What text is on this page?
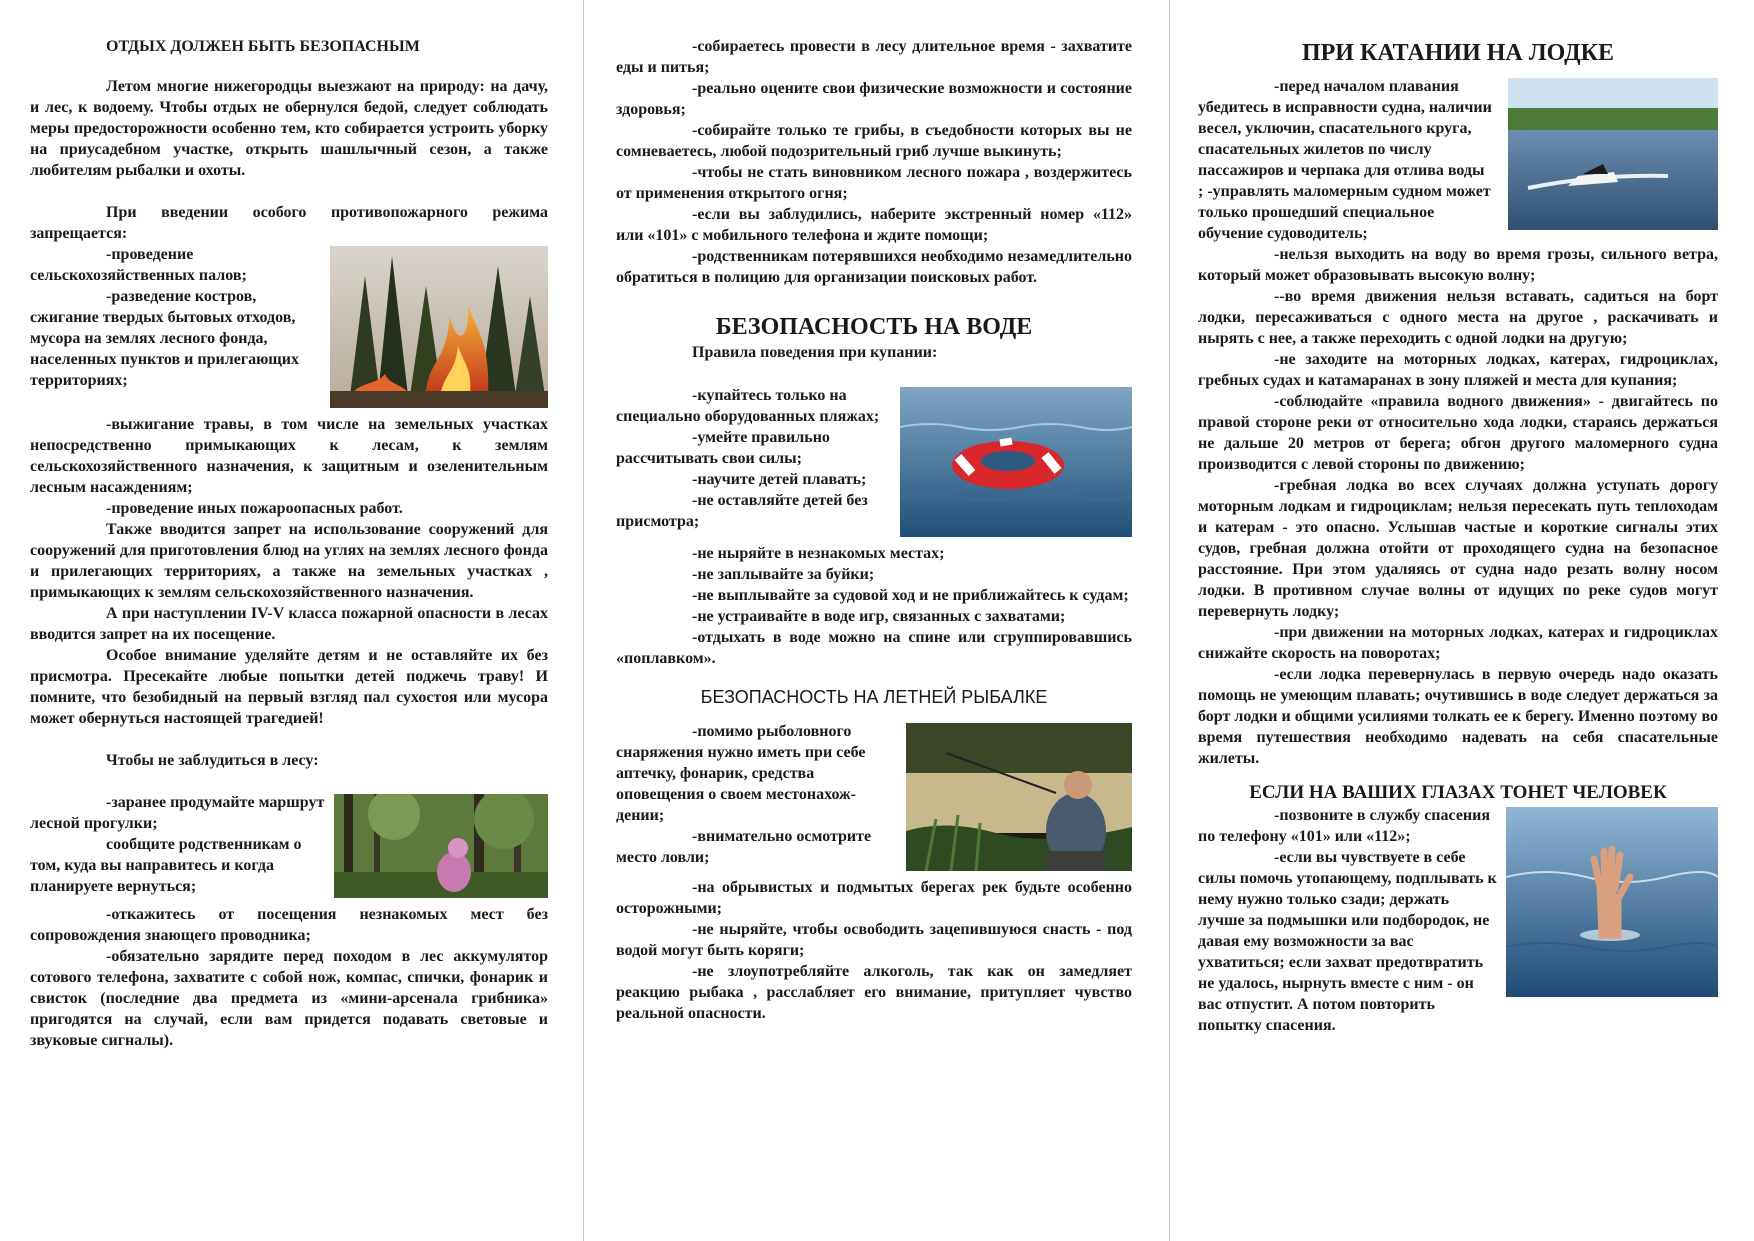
ОТДЫХ ДОЛЖЕН БЫТЬ БЕЗОПАСНЫМ

Летом многие нижегородцы выезжают на природу: на дачу, и лес, к водоему. Чтобы отдых не обернулся бедой, следует соблюдать меры предосторожности особенно тем, кто собирается устроить уборку на приусадебном участке, открыть шашлычный сезон, а также любителям рыбалки и охоты.

При введении особого противопожарного режима запрещается:

-проведение сельскохозяйственных палов;

-разведение костров, сжигание твердых бытовых отходов, мусора на землях лесного фонда, населенных пунктов и прилегающих территориях;

-выжигание травы, в том числе на земельных участках непосредственно примыкающих к лесам, к землям сельскохозяйственного назначения, к защитным и озеленительным лесным насаждениям;

-проведение иных пожароопасных работ.

Также вводится запрет на использование сооружений для сооружений для приготовления блюд на углях на землях лесного фонда и прилегающих территориях, а также на земельных участках , примыкающих к землям сельскохозяйственного назначения.

А при наступлении IV-V класса пожарной опасности в лесах вводится запрет на их посещение.

Особое внимание уделяйте детям и не оставляйте их без присмотра. Пресекайте любые попытки детей поджечь траву! И помните, что безобидный на первый взгляд пал сухостоя или мусора может обернуться настоящей трагедией!

Чтобы не заблудиться в лесу:

-заранее продумайте маршрут лесной прогулки;

сообщите родственникам о том, куда вы направитесь и когда планируете вернуться;

-откажитесь от посещения незнакомых мест без сопровождения знающего проводника;

-обязательно зарядите перед походом в лес аккумулятор сотового телефона, захватите с собой нож, компас, спички, фонарик и свисток (последние два предмета из «мини-арсенала грибника» пригодятся на случай, если вам придется подавать световые и звуковые сигналы).

-собираетесь провести в лесу длительное время - захватите еды и питья;

-реально оцените свои физические возможности и состояние здоровья;

-собирайте только те грибы, в съедобности которых вы не сомневаетесь, любой подозрительный гриб лучше выкинуть;

-чтобы не стать виновником лесного пожара , воздержитесь от применения открытого огня;

-если вы заблудились, наберите экстренный номер «112» или «101» с мобильного телефона и ждите помощи;

-родственникам потерявшихся необходимо незамедлительно обратиться в полицию для организации поисковых работ.

БЕЗОПАСНОСТЬ НА ВОДЕ

Правила поведения при купании:

-купайтесь только на специально оборудованных пляжах;

-умейте правильно рассчитывать свои силы;

-научите детей плавать;

-не оставляйте детей без присмотра;

-не ныряйте в незнакомых местах;

-не заплывайте за буйки;

-не выплывайте за судовой ход и не приближайтесь к судам;

-не устраивайте в воде игр, связанных с захватами;

-отдыхать в воде можно на спине или сгруппировавшись «поплавком».

БЕЗОПАСНОСТЬ НА ЛЕТНЕЙ РЫБАЛКЕ

-помимо рыболовного снаряжения нужно иметь при себе аптечку, фонарик, средства оповещения о своем местонахож-дении;

-внимательно осмотрите место ловли;

-на обрывистых и подмытых берегах рек будьте особенно осторожными;

-не ныряйте, чтобы освободить зацепившуюся снасть - под водой могут быть коряги;

-не злоупотребляйте алкоголь, так как он замедляет реакцию рыбака , расслабляет его внимание, притупляет чувство реальной опасности.

ПРИ КАТАНИИ НА ЛОДКЕ

-перед началом плавания убедитесь в исправности судна, наличии весел, уключин, спасательного круга, спасательных жилетов по числу пассажиров и черпака для отлива воды

; -управлять маломерным судном может только прошедший специальное обучение судоводитель;

-нельзя выходить на воду во время грозы, сильного ветра, который может образовывать высокую волну;

--во время движения нельзя вставать, садиться на борт лодки, пересаживаться с одного места на другое , раскачивать и нырять с нее, а также переходить с одной лодки на другую;

-не заходите на моторных лодках, катерах, гидроциклах, гребных судах и катамаранах в зону пляжей и места для купания;

-соблюдайте «правила водного движения» - двигайтесь по правой стороне реки от относительно хода лодки, стараясь держаться не дальше 20 метров от берега; обгон другого маломерного судна производится с левой стороны по движению;

-гребная лодка во всех случаях должна уступать дорогу моторным лодкам и гидроциклам; нельзя пересекать путь теплоходам и катерам - это опасно. Услышав частые и короткие сигналы этих судов, гребная должна отойти от проходящего судна на безопасное расстояние. При этом удаляясь от судна надо резать волну носом лодки. В противном случае волны от идущих по реке судов могут перевернуть лодку;

-при движении на моторных лодках, катерах и гидроциклах снижайте скорость на поворотах;

-если лодка перевернулась в первую очередь надо оказать помощь не умеющим плавать; очутившись в воде следует держаться за борт лодки и общими усилиями толкать ее к берегу. Именно поэтому во время путешествия необходимо надевать на себя спасательные жилеты.

ЕСЛИ НА ВАШИХ ГЛАЗАХ ТОНЕТ ЧЕЛОВЕК

-позвоните в службу спасения по телефону «101» или «112»;

-если вы чувствуете в себе силы помочь утопающему, подплывать к нему нужно только сзади; держать лучше за подмышки или подбородок, не давая ему возможности за вас ухватиться; если захват предотвратить не удалось, нырнуть вместе с ним - он вас отпустит. А потом повторить попытку спасения.
